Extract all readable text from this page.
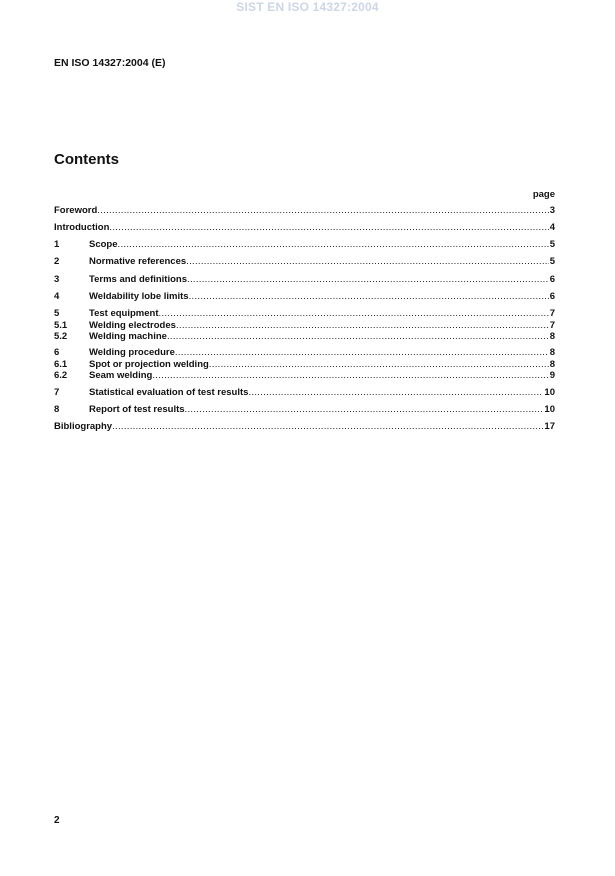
SIST EN ISO 14327:2004
EN ISO 14327:2004 (E)
Contents
page
Foreword .....	3
Introduction .....	4
1	Scope .....	5
2	Normative references .....	5
3	Terms and definitions .....	6
4	Weldability lobe limits .....	6
5	Test equipment .....	7
5.1	Welding electrodes .....	7
5.2	Welding machine .....	8
6	Welding procedure .....	8
6.1	Spot or projection welding .....	8
6.2	Seam welding .....	9
7	Statistical evaluation of test results .....	10
8	Report of test results .....	10
Bibliography .....	17
2
